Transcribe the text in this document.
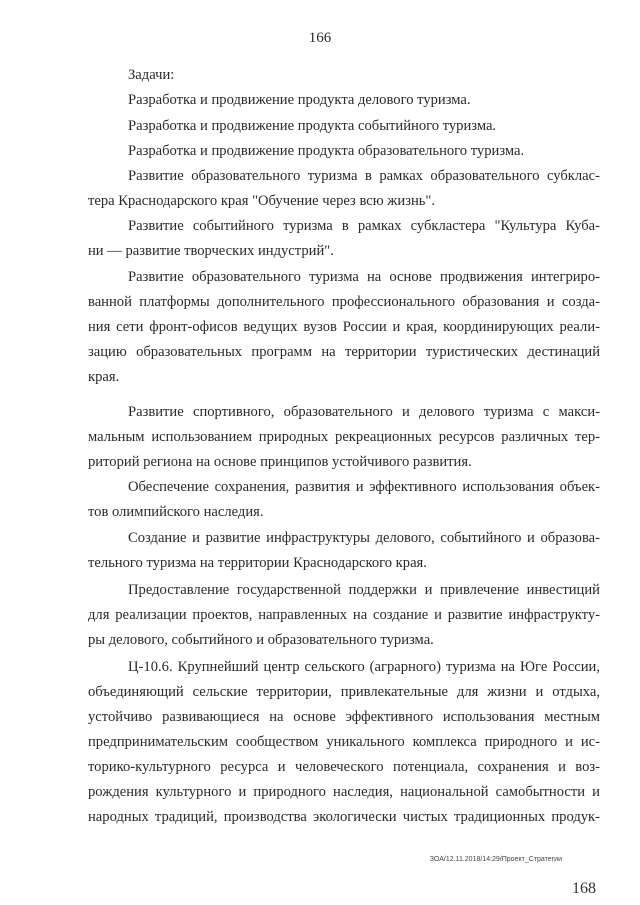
166
Задачи:
Разработка и продвижение продукта делового туризма.
Разработка и продвижение продукта событийного туризма.
Разработка и продвижение продукта образовательного туризма.
Развитие образовательного туризма в рамках образовательного субклас-
тера Краснодарского края "Обучение через всю жизнь".
Развитие событийного туризма в рамках субкластера "Культура Куба-
ни — развитие творческих индустрий".
Развитие образовательного туризма на основе продвижения интегриро-
ванной платформы дополнительного профессионального образования и созда-
ния сети фронт-офисов ведущих вузов России и края, координирующих реали-
зацию образовательных программ на территории туристических дестинаций
края.
Развитие спортивного, образовательного и делового туризма с макси-
мальным использованием природных рекреационных ресурсов различных тер-
риторий региона на основе принципов устойчивого развития.
Обеспечение сохранения, развития и эффективного использования объек-
тов олимпийского наследия.
Создание и развитие инфраструктуры делового, событийного и образова-
тельного туризма на территории Краснодарского края.
Предоставление государственной поддержки и привлечение инвестиций
для реализации проектов, направленных на создание и развитие инфраструкту-
ры делового, событийного и образовательного туризма.
Ц-10.6. Крупнейший центр сельского (аграрного) туризма на Юге России,
объединяющий сельские территории, привлекательные для жизни и отдыха,
устойчиво развивающиеся на основе эффективного использования местным
предпринимательским сообществом уникального комплекса природного и ис-
торико-культурного ресурса и человеческого потенциала, сохранения и воз-
рождения культурного и природного наследия, национальной самобытности и
народных традиций, производства экологически чистых традиционных продук-
ЗОА/12.11.2018/14:29/Проект_Стратегии
168
